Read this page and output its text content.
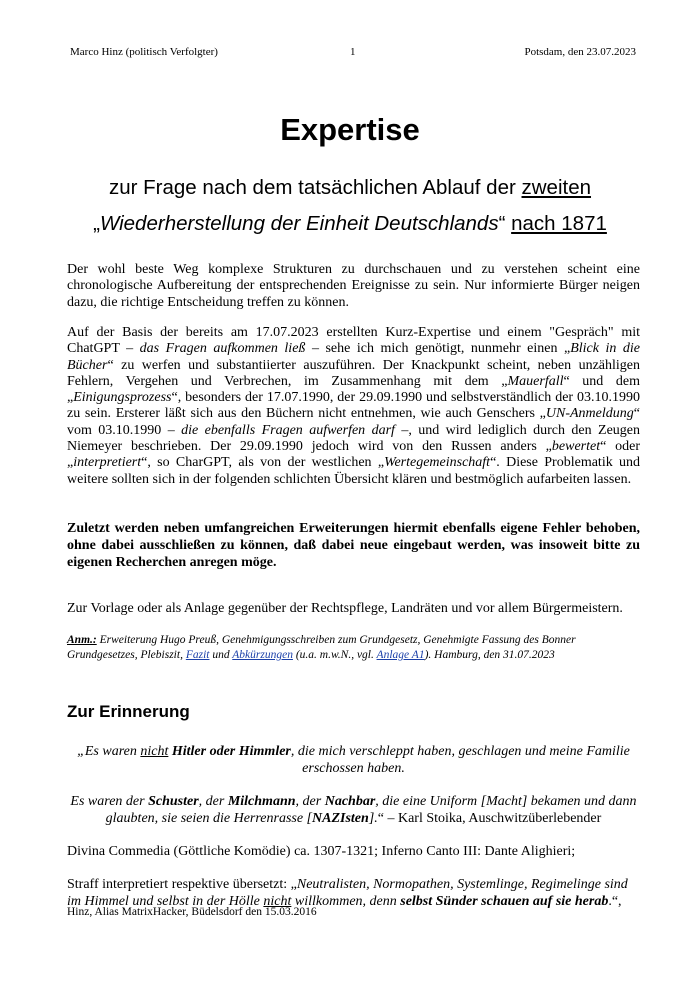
Marco Hinz (politisch Verfolgter)	1	Potsdam, den 23.07.2023
Expertise
zur Frage nach dem tatsächlichen Ablauf der zweiten
„Wiederherstellung der Einheit Deutschlands“ nach 1871
Der wohl beste Weg komplexe Strukturen zu durchschauen und zu verstehen scheint eine chronologische Aufbereitung der entsprechenden Ereignisse zu sein. Nur informierte Bürger neigen dazu, die richtige Entscheidung treffen zu können.
Auf der Basis der bereits am 17.07.2023 erstellten Kurz-Expertise und einem "Gespräch" mit ChatGPT – das Fragen aufkommen ließ – sehe ich mich genötigt, nunmehr einen „Blick in die Bücher“ zu werfen und substantiierter auszuführen. Der Knackpunkt scheint, neben unzähligen Fehlern, Vergehen und Verbrechen, im Zusammenhang mit dem „Mauerfall“ und dem „Einigungsprozess“, besonders der 17.07.1990, der 29.09.1990 und selbstverständlich der 03.10.1990 zu sein. Ersterer läßt sich aus den Büchern nicht entnehmen, wie auch Genschers „UN-Anmeldung“ vom 03.10.1990 – die ebenfalls Fragen aufwerfen darf –, und wird lediglich durch den Zeugen Niemeyer beschrieben. Der 29.09.1990 jedoch wird von den Russen anders „bewertet“ oder „interpretiert“, so CharGPT, als von der westlichen „Wertegemeinschaft“. Diese Problematik und weitere sollten sich in der folgenden schlichten Übersicht klären und bestmöglich aufarbeiten lassen.
Zuletzt werden neben umfangreichen Erweiterungen hiermit ebenfalls eigene Fehler behoben, ohne dabei ausschließen zu können, daß dabei neue eingebaut werden, was insoweit bitte zu eigenen Recherchen anregen möge.
Zur Vorlage oder als Anlage gegenüber der Rechtspflege, Landräten und vor allem Bürgermeistern.
Anm.: Erweiterung Hugo Preuß, Genehmigungsschreiben zum Grundgesetz, Genehmigte Fassung des Bonner Grundgesetzes, Plebiszit, Fazit und Abkürzungen (u.a. m.w.N., vgl. Anlage A1). Hamburg, den 31.07.2023
Zur Erinnerung
„Es waren nicht Hitler oder Himmler, die mich verschleppt haben, geschlagen und meine Familie erschossen haben.
Es waren der Schuster, der Milchmann, der Nachbar, die eine Uniform [Macht] bekamen und dann glaubten, sie seien die Herrenrasse [NAZIsten].“ – Karl Stoika, Auschwitzüberlebender
Divina Commedia (Göttliche Komödie) ca. 1307-1321; Inferno Canto III: Dante Alighieri;
Straff interpretiert respektive übersetzt: „Neutralisten, Normopathen, Systemlinge, Regimelinge sind im Himmel und selbst in der Hölle nicht willkommen, denn selbst Sünder schauen auf sie herab.“,
Hinz, Alias MatrixHacker, Büdelsdorf den 15.03.2016
